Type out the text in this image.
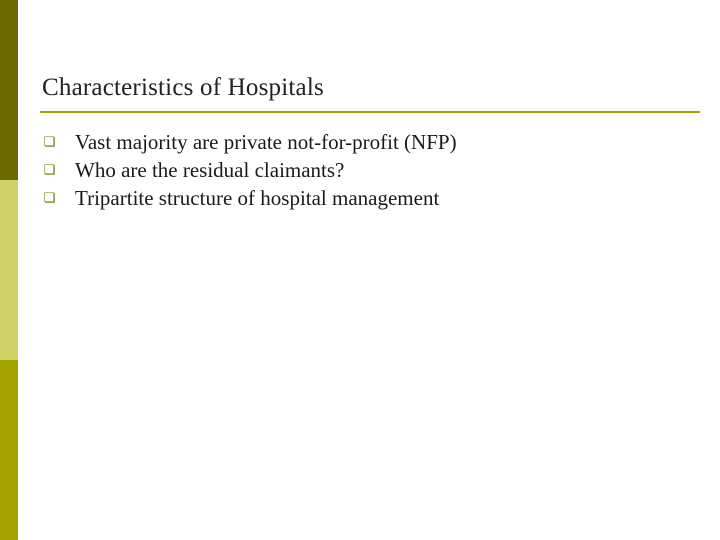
Characteristics of Hospitals
❑ Vast majority are private not-for-profit (NFP)
❑ Who are the residual claimants?
❑ Tripartite structure of hospital management
